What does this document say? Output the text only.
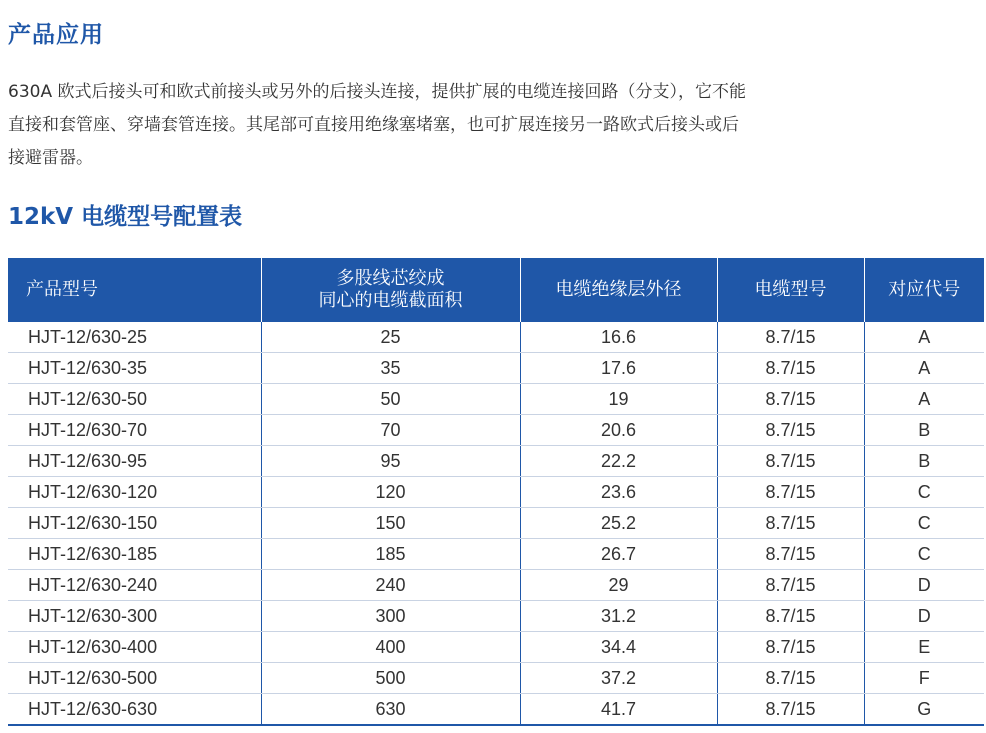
产品应用
630A 欧式后接头可和欧式前接头或另外的后接头连接，提供扩展的电缆连接回路（分支），它不能
直接和套管座、穿墙套管连接。其尾部可直接用绝缘塞堵塞，也可扩展连接另一路欧式后接头或后
接避雷器。
12kV 电缆型号配置表
产品型号	多股线芯绞成
同心的电缆截面积	电缆绝缘层外径	电缆型号	对应代号
HJT-12/630-25	25	16.6	8.7/15	A
HJT-12/630-35	35	17.6	8.7/15	A
HJT-12/630-50	50	19	8.7/15	A
HJT-12/630-70	70	20.6	8.7/15	B
HJT-12/630-95	95	22.2	8.7/15	B
HJT-12/630-120	120	23.6	8.7/15	C
HJT-12/630-150	150	25.2	8.7/15	C
HJT-12/630-185	185	26.7	8.7/15	C
HJT-12/630-240	240	29	8.7/15	D
HJT-12/630-300	300	31.2	8.7/15	D
HJT-12/630-400	400	34.4	8.7/15	E
HJT-12/630-500	500	37.2	8.7/15	F
HJT-12/630-630	630	41.7	8.7/15	G
